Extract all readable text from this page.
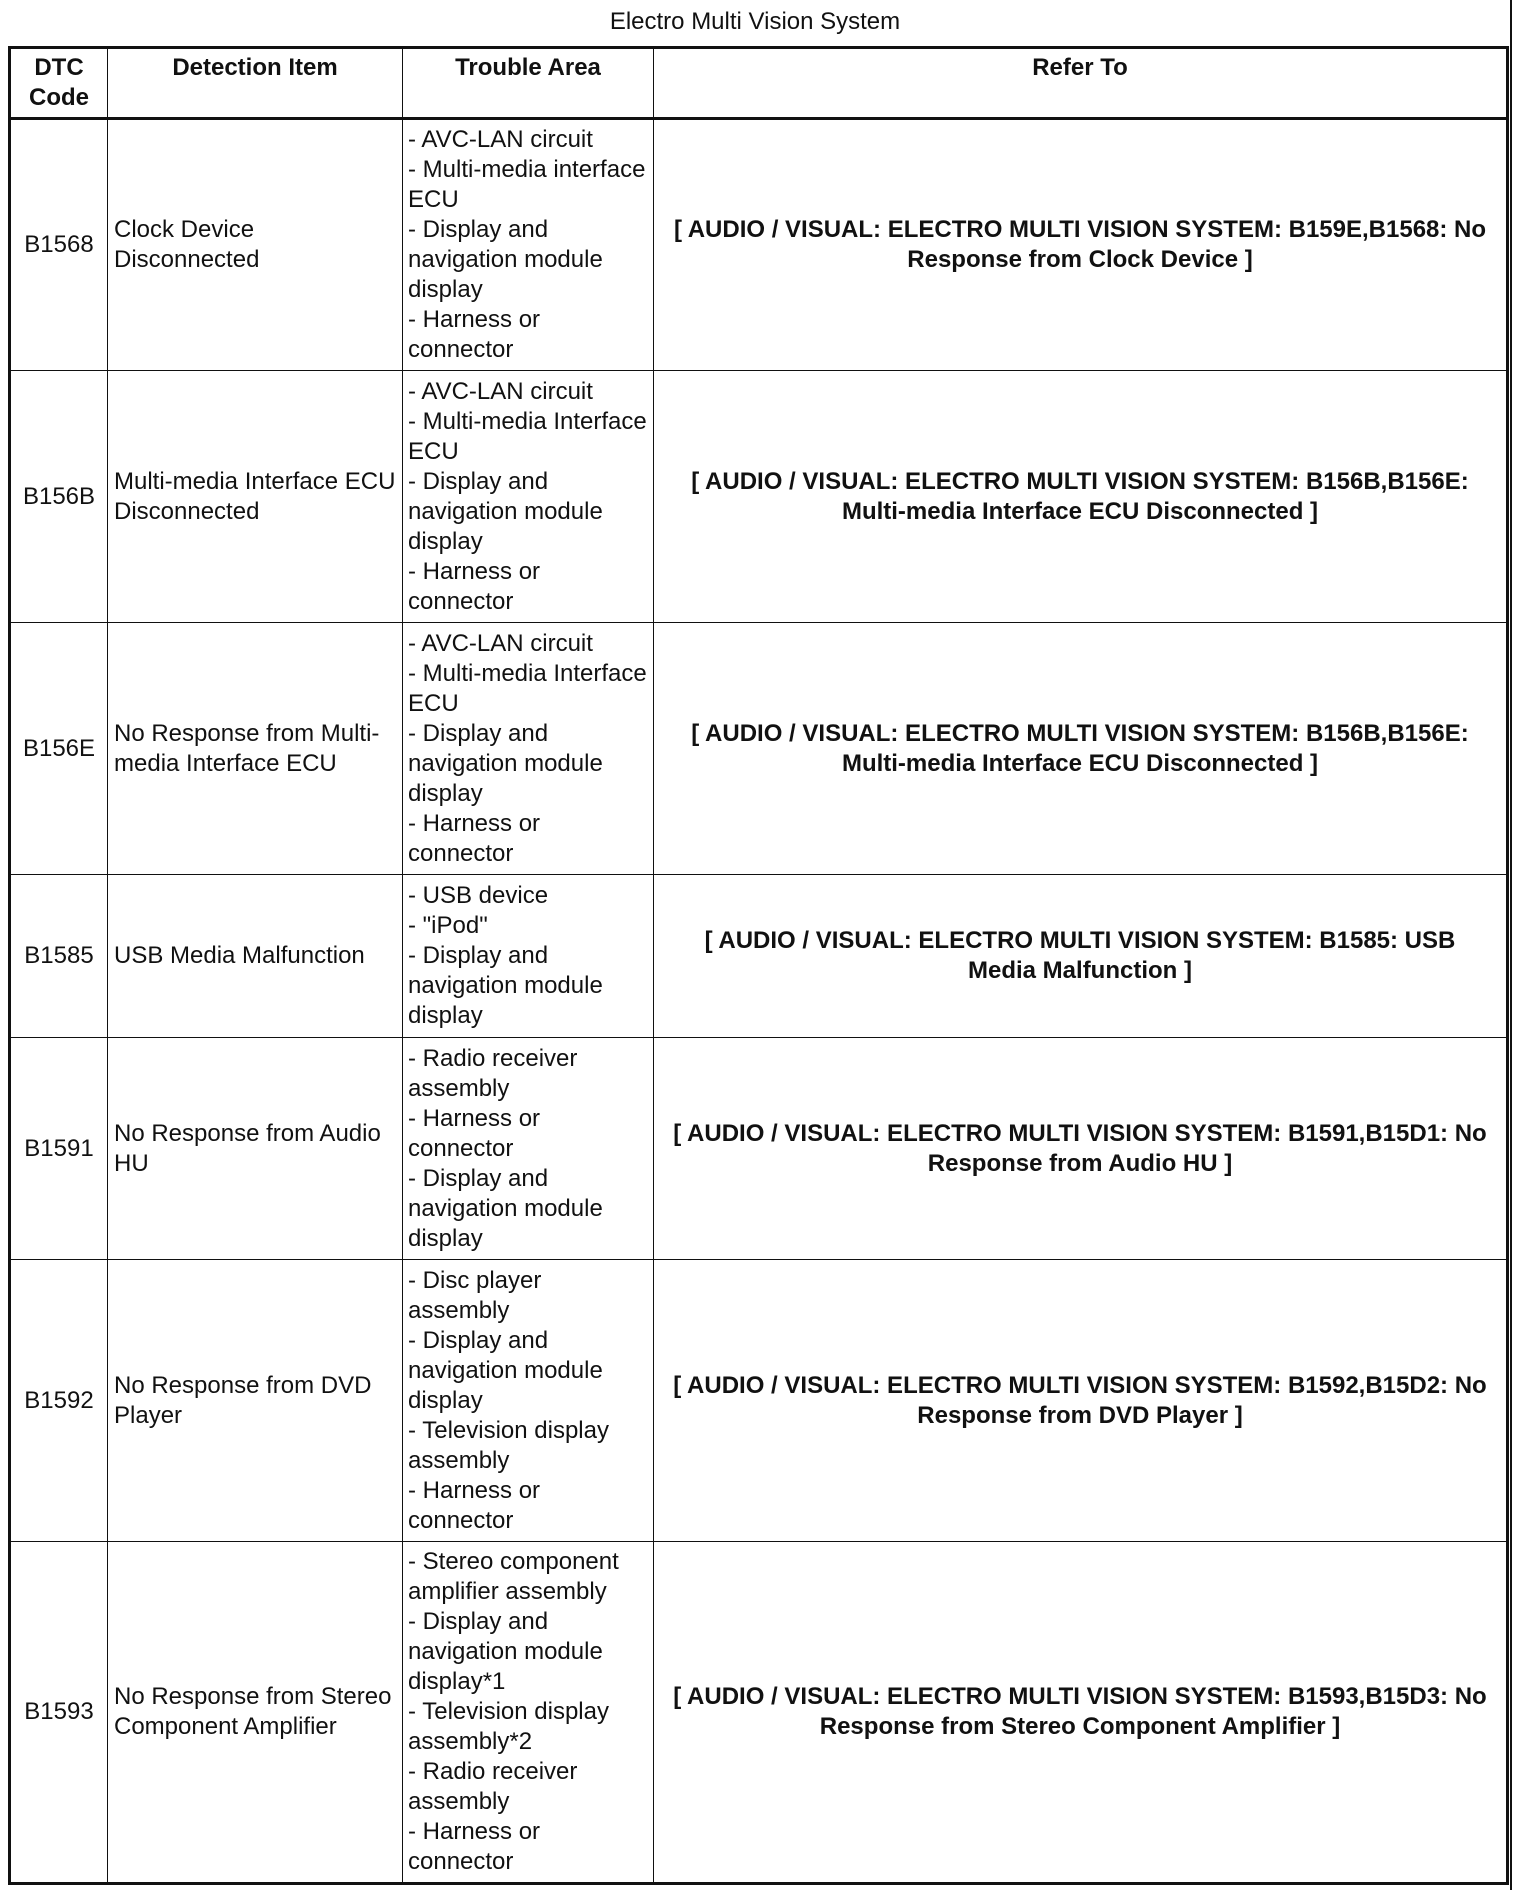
Electro Multi Vision System
DTC Code	Detection Item	Trouble Area	Refer To
B1568	Clock Device Disconnected	- AVC-LAN circuit
- Multi-media interface ECU
- Display and navigation module display
- Harness or connector	[ AUDIO / VISUAL: ELECTRO MULTI VISION SYSTEM: B159E,B1568: No Response from Clock Device ]
B156B	Multi-media Interface ECU Disconnected	- AVC-LAN circuit
- Multi-media Interface ECU
- Display and navigation module display
- Harness or connector	[ AUDIO / VISUAL: ELECTRO MULTI VISION SYSTEM: B156B,B156E: Multi-media Interface ECU Disconnected ]
B156E	No Response from Multi-media Interface ECU	- AVC-LAN circuit
- Multi-media Interface ECU
- Display and navigation module display
- Harness or connector	[ AUDIO / VISUAL: ELECTRO MULTI VISION SYSTEM: B156B,B156E: Multi-media Interface ECU Disconnected ]
B1585	USB Media Malfunction	- USB device
- "iPod"
- Display and navigation module display	[ AUDIO / VISUAL: ELECTRO MULTI VISION SYSTEM: B1585: USB Media Malfunction ]
B1591	No Response from Audio HU	- Radio receiver assembly
- Harness or connector
- Display and navigation module display	[ AUDIO / VISUAL: ELECTRO MULTI VISION SYSTEM: B1591,B15D1: No Response from Audio HU ]
B1592	No Response from DVD Player	- Disc player assembly
- Display and navigation module display
- Television display assembly
- Harness or connector	[ AUDIO / VISUAL: ELECTRO MULTI VISION SYSTEM: B1592,B15D2: No Response from DVD Player ]
B1593	No Response from Stereo Component Amplifier	- Stereo component amplifier assembly
- Display and navigation module display*1
- Television display assembly*2
- Radio receiver assembly
- Harness or connector	[ AUDIO / VISUAL: ELECTRO MULTI VISION SYSTEM: B1593,B15D3: No Response from Stereo Component Amplifier ]
